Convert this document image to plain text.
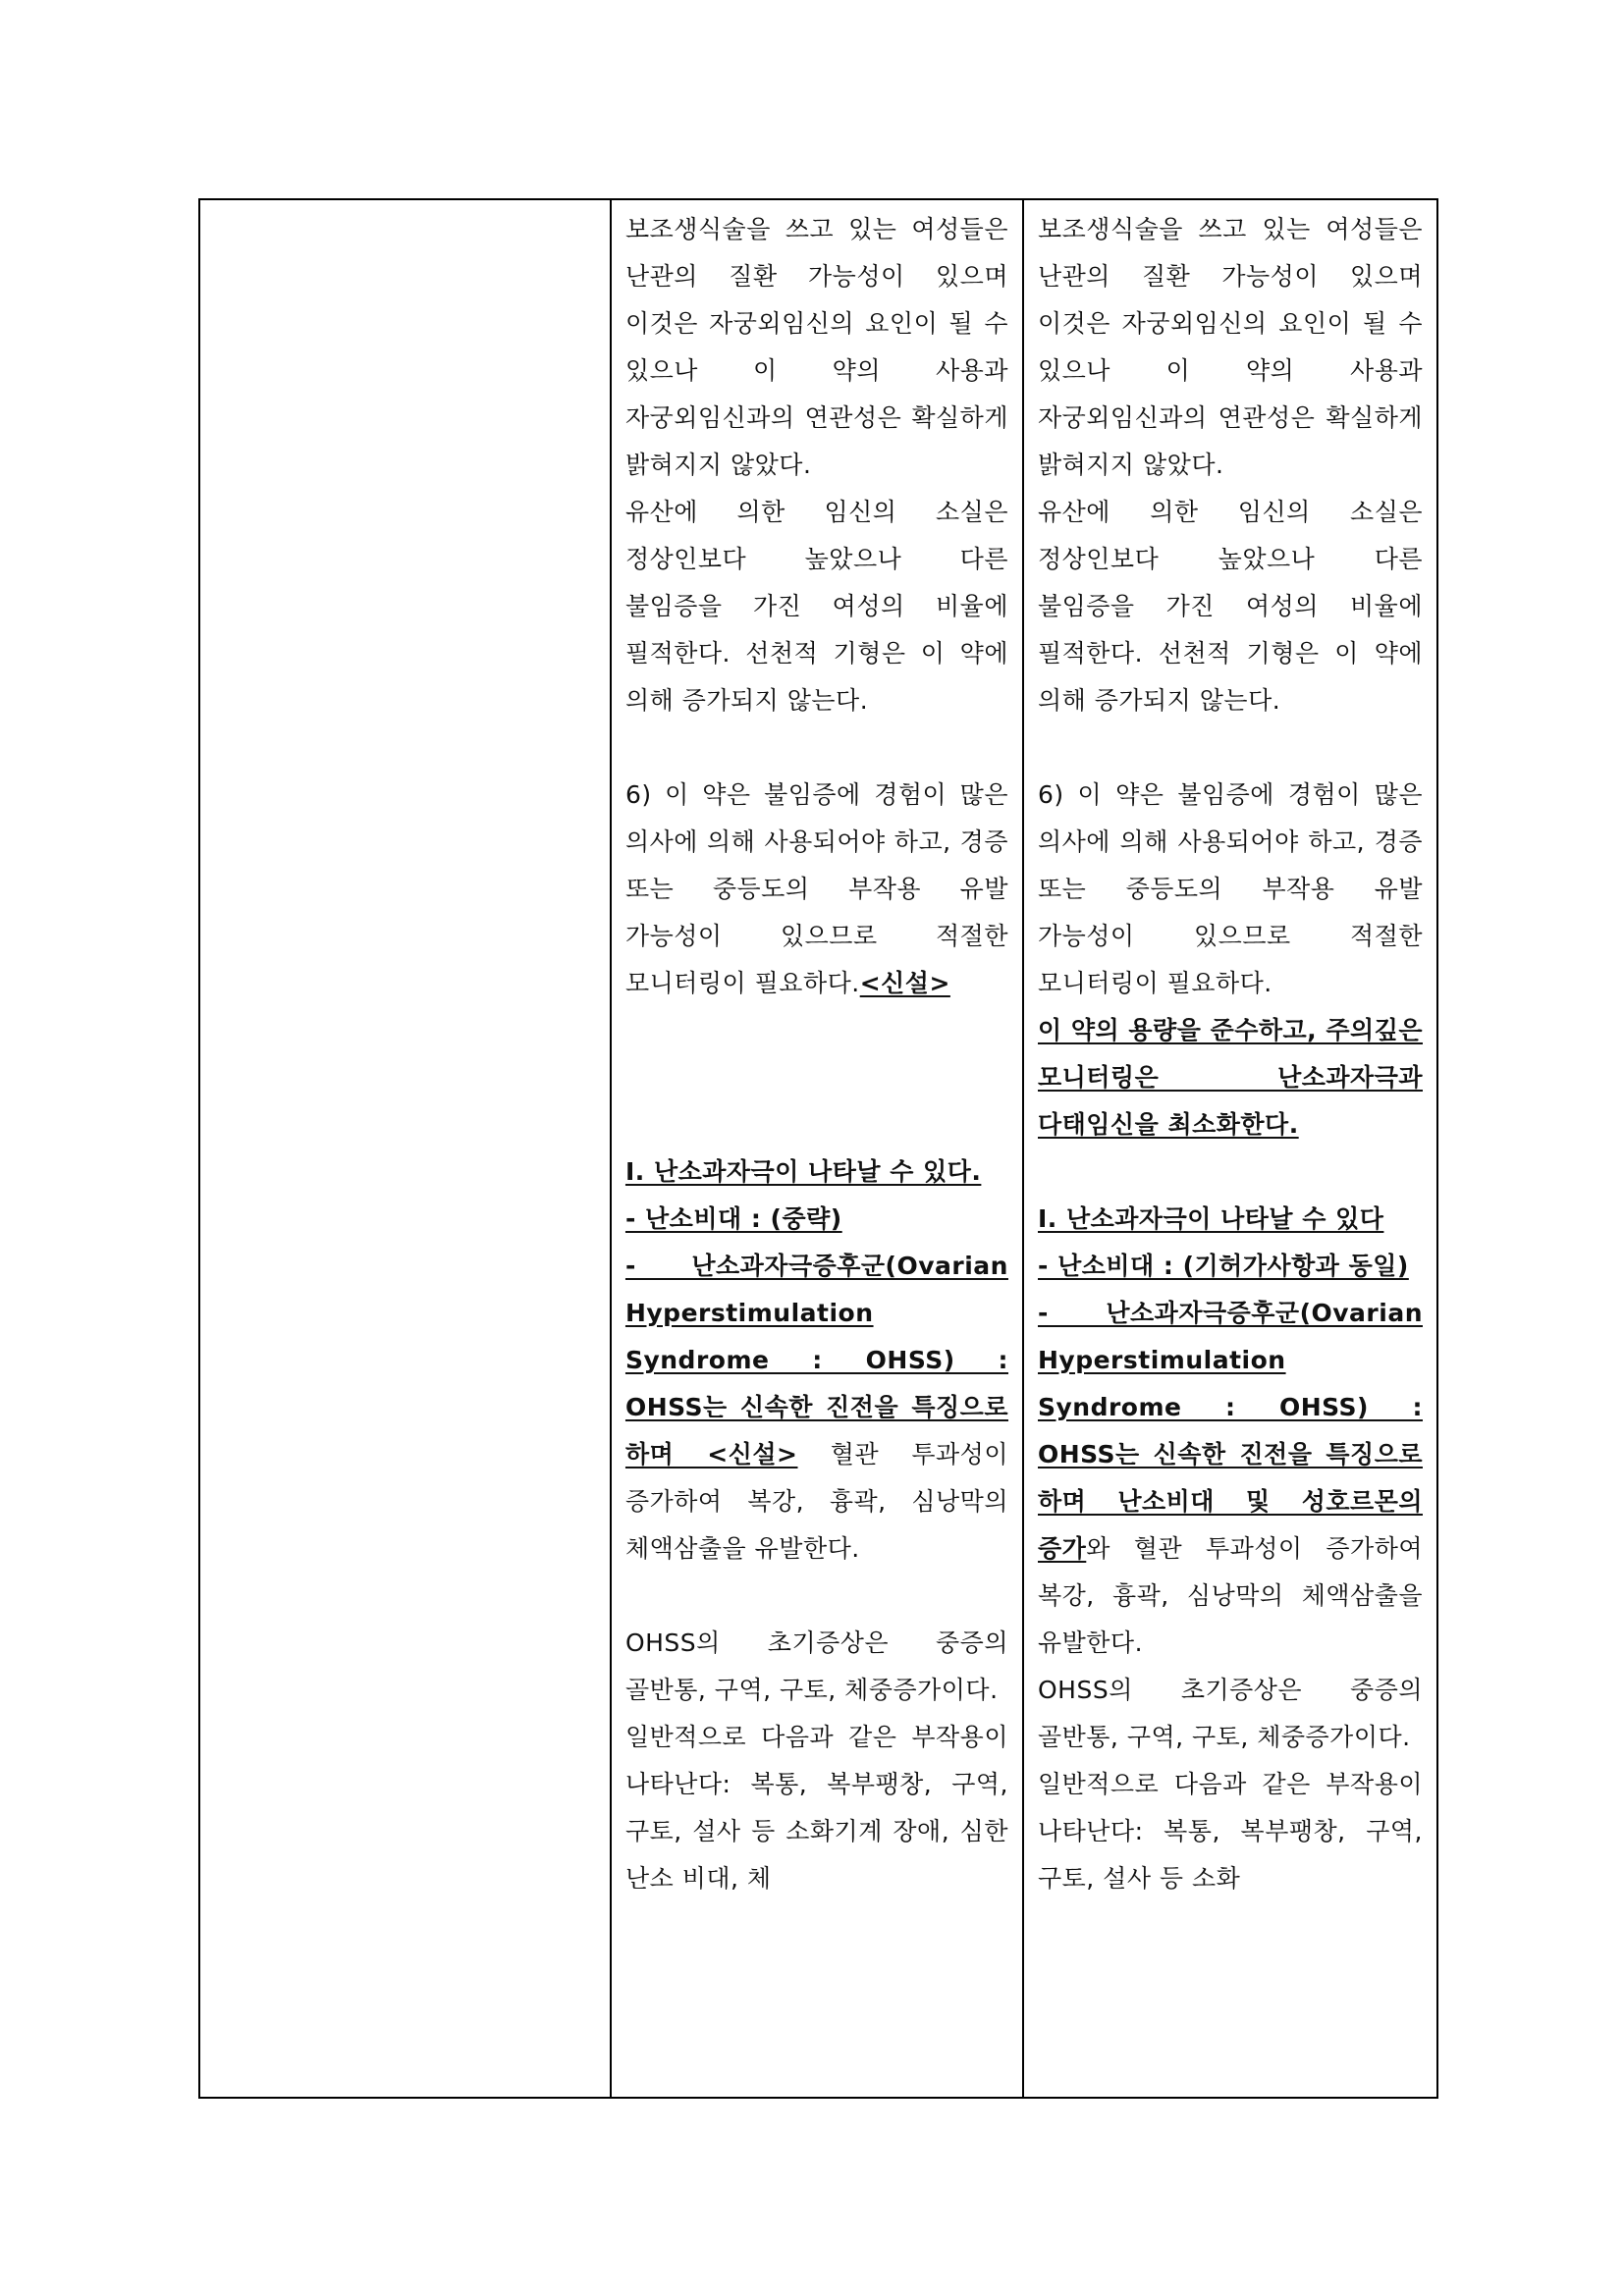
보조생식술을 쓰고 있는 여성들은 난관의 질환 가능성이 있으며 이것은 자궁외임신의 요인이 될 수 있으나 이 약의 사용과 자궁외임신과의 연관성은 확실하게 밝혀지지 않았다.

유산에 의한 임신의 소실은 정상인보다 높았으나 다른 불임증을 가진 여성의 비율에 필적한다. 선천적 기형은 이 약에 의해 증가되지 않는다.

6) 이 약은 불임증에 경험이 많은 의사에 의해 사용되어야 하고, 경증 또는 중등도의 부작용 유발 가능성이 있으므로 적절한 모니터링이 필요하다.<신설>

I. 난소과자극이 나타날 수 있다.

- 난소비대 : (중략)

- 난소과자극증후군(Ovarian Hyperstimulation Syndrome : OHSS) : OHSS는 신속한 진전을 특징으로 하며 <신설> 혈관 투과성이 증가하여 복강, 흉곽, 심낭막의 체액삼출을 유발한다.

OHSS의 초기증상은 중증의 골반통, 구역, 구토, 체중증가이다.

일반적으로 다음과 같은 부작용이 나타난다: 복통, 복부팽창, 구역, 구토, 설사 등 소화기계 장애, 심한 난소 비대, 체

보조생식술을 쓰고 있는 여성들은 난관의 질환 가능성이 있으며 이것은 자궁외임신의 요인이 될 수 있으나 이 약의 사용과 자궁외임신과의 연관성은 확실하게 밝혀지지 않았다.

유산에 의한 임신의 소실은 정상인보다 높았으나 다른 불임증을 가진 여성의 비율에 필적한다. 선천적 기형은 이 약에 의해 증가되지 않는다.

6) 이 약은 불임증에 경험이 많은 의사에 의해 사용되어야 하고, 경증 또는 중등도의 부작용 유발 가능성이 있으므로 적절한 모니터링이 필요하다.

이 약의 용량을 준수하고, 주의깊은 모니터링은 난소과자극과 다태임신을 최소화한다.

I. 난소과자극이 나타날 수 있다

- 난소비대 : (기허가사항과 동일)

- 난소과자극증후군(Ovarian Hyperstimulation Syndrome : OHSS) : OHSS는 신속한 진전을 특징으로 하며 난소비대 및 성호르몬의 증가와 혈관 투과성이 증가하여 복강, 흉곽, 심낭막의 체액삼출을 유발한다.

OHSS의 초기증상은 중증의 골반통, 구역, 구토, 체중증가이다.

일반적으로 다음과 같은 부작용이 나타난다: 복통, 복부팽창, 구역, 구토, 설사 등 소화
